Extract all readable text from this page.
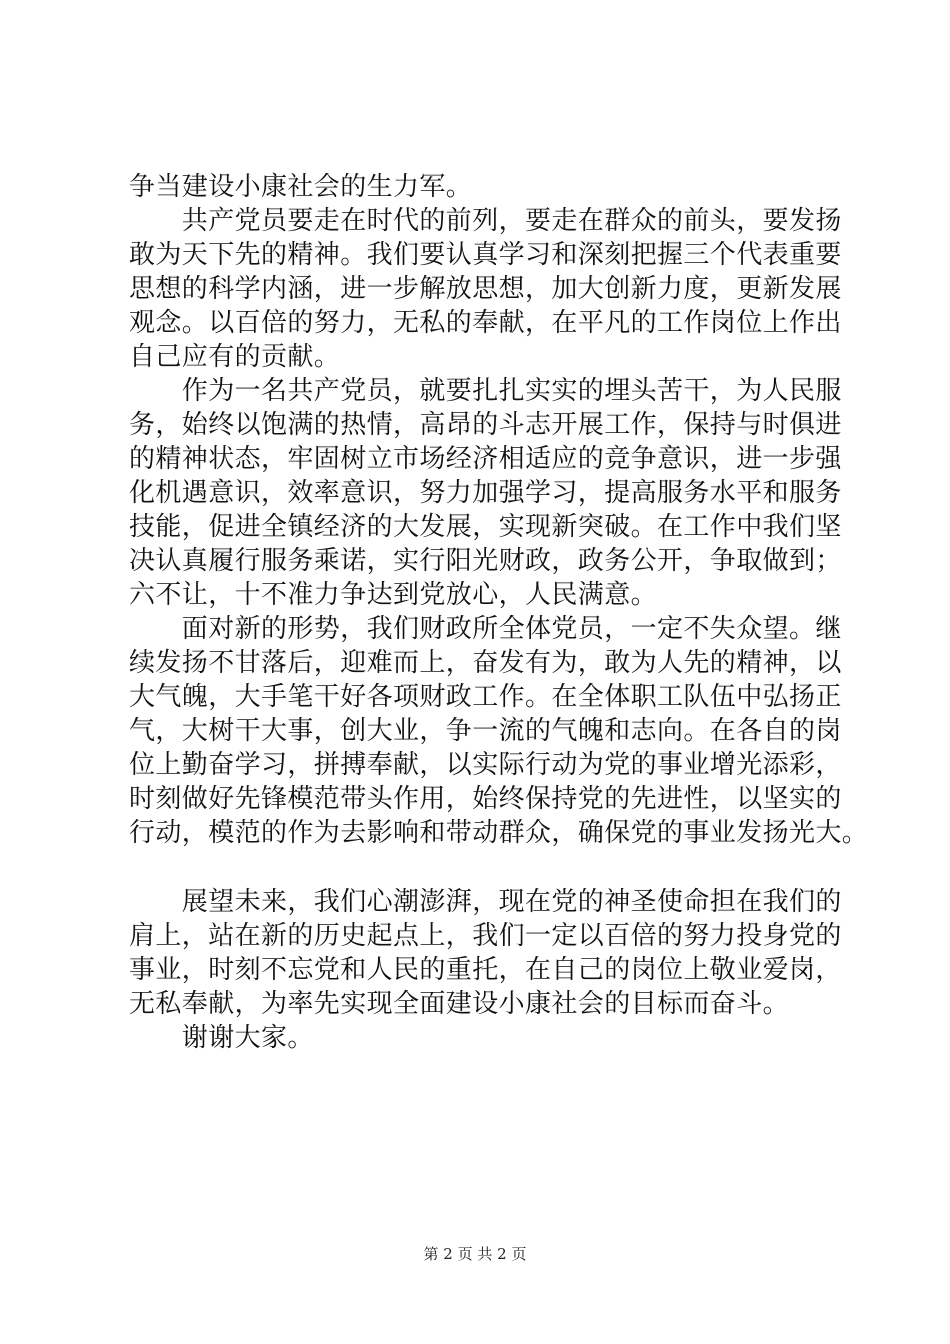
争当建设小康社会的生力军。

　　共产党员要走在时代的前列，要走在群众的前头，要发扬

敢为天下先的精神。我们要认真学习和深刻把握三个代表重要

思想的科学内涵，进一步解放思想，加大创新力度，更新发展

观念。以百倍的努力，无私的奉献，在平凡的工作岗位上作出

自己应有的贡献。

　　作为一名共产党员，就要扎扎实实的埋头苦干，为人民服

务，始终以饱满的热情，高昂的斗志开展工作，保持与时俱进

的精神状态，牢固树立市场经济相适应的竞争意识，进一步强

化机遇意识，效率意识，努力加强学习，提高服务水平和服务

技能，促进全镇经济的大发展，实现新突破。在工作中我们坚

决认真履行服务乘诺，实行阳光财政，政务公开，争取做到；

六不让，十不准力争达到党放心，人民满意。

　　面对新的形势，我们财政所全体党员，一定不失众望。继

续发扬不甘落后，迎难而上，奋发有为，敢为人先的精神，以

大气魄，大手笔干好各项财政工作。在全体职工队伍中弘扬正

气，大树干大事，创大业，争一流的气魄和志向。在各自的岗

位上勤奋学习，拼搏奉献，以实际行动为党的事业增光添彩，

时刻做好先锋模范带头作用，始终保持党的先进性，以坚实的

行动，模范的作为去影响和带动群众，确保党的事业发扬光大。

　　展望未来，我们心潮澎湃，现在党的神圣使命担在我们的

肩上，站在新的历史起点上，我们一定以百倍的努力投身党的

事业，时刻不忘党和人民的重托，在自己的岗位上敬业爱岗，

无私奉献，为率先实现全面建设小康社会的目标而奋斗。

　　谢谢大家。

第 2 页 共 2 页
